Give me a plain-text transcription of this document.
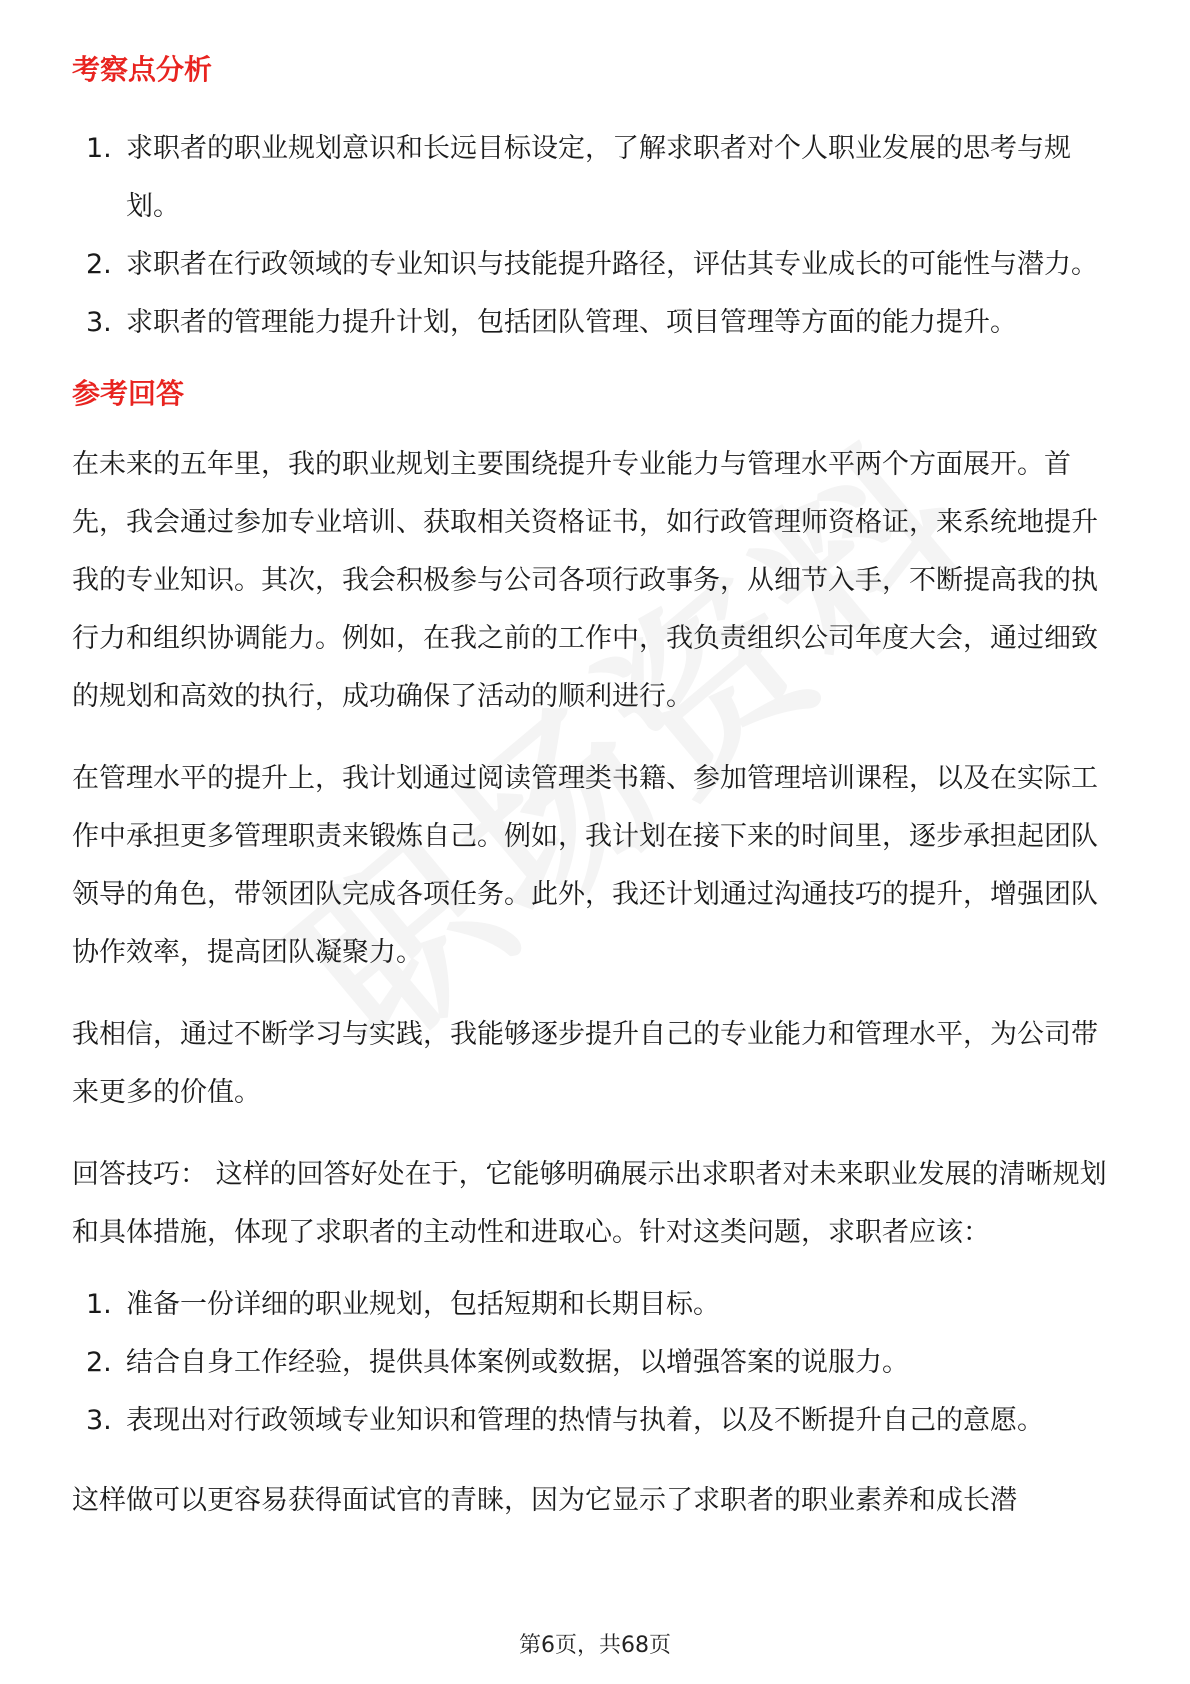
考察点分析
1. 求职者的职业规划意识和长远目标设定，了解求职者对个人职业发展的思考与规划。
2. 求职者在行政领域的专业知识与技能提升路径，评估其专业成长的可能性与潜力。
3. 求职者的管理能力提升计划，包括团队管理、项目管理等方面的能力提升。
参考回答

在未来的五年里，我的职业规划主要围绕提升专业能力与管理水平两个方面展开。首先，我会通过参加专业培训、获取相关资格证书，如行政管理师资格证，来系统地提升我的专业知识。其次，我会积极参与公司各项行政事务，从细节入手，不断提高我的执行力和组织协调能力。例如，在我之前的工作中，我负责组织公司年度大会，通过细致的规划和高效的执行，成功确保了活动的顺利进行。

在管理水平的提升上，我计划通过阅读管理类书籍、参加管理培训课程，以及在实际工作中承担更多管理职责来锻炼自己。例如，我计划在接下来的时间里，逐步承担起团队领导的角色，带领团队完成各项任务。此外，我还计划通过沟通技巧的提升，增强团队协作效率，提高团队凝聚力。

我相信，通过不断学习与实践，我能够逐步提升自己的专业能力和管理水平，为公司带来更多的价值。

回答技巧： 这样的回答好处在于，它能够明确展示出求职者对未来职业发展的清晰规划和具体措施，体现了求职者的主动性和进取心。针对这类问题，求职者应该：

1. 准备一份详细的职业规划，包括短期和长期目标。
2. 结合自身工作经验，提供具体案例或数据，以增强答案的说服力。
3. 表现出对行政领域专业知识和管理的热情与执着，以及不断提升自己的意愿。

这样做可以更容易获得面试官的青睐，因为它显示了求职者的职业素养和成长潜

第6页，共68页
